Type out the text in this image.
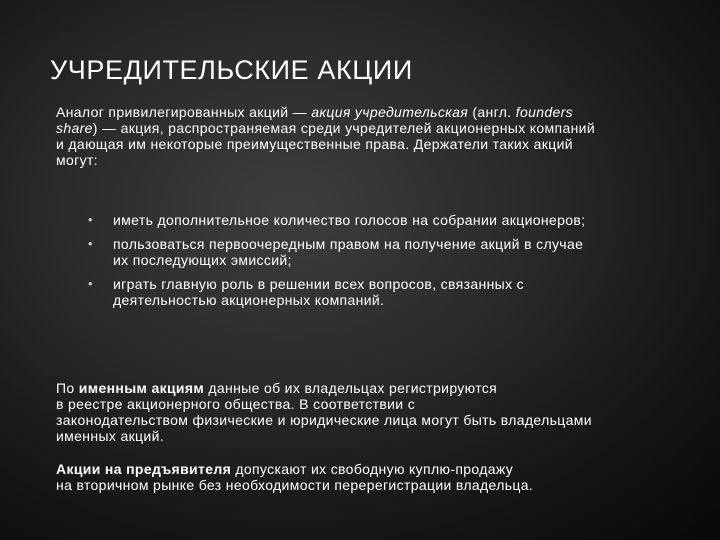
УЧРЕДИТЕЛЬСКИЕ АКЦИИ

Аналог привилегированных акций — акция учредительская (англ. founders
share) — акция, распространяемая среди учредителей акционерных компаний
и дающая им некоторые преимущественные права. Держатели таких акций
могут:

• иметь дополнительное количество голосов на собрании акционеров;
• пользоваться первоочередным правом на получение акций в случае
их последующих эмиссий;
• играть главную роль в решении всех вопросов, связанных с
деятельностью акционерных компаний.

По именным акциям данные об их владельцах регистрируются
в реестре акционерного общества. В соответствии с
законодательством физические и юридические лица могут быть владельцами
именных акций.

Акции на предъявителя допускают их свободную куплю-продажу
на вторичном рынке без необходимости перерегистрации владельца.
